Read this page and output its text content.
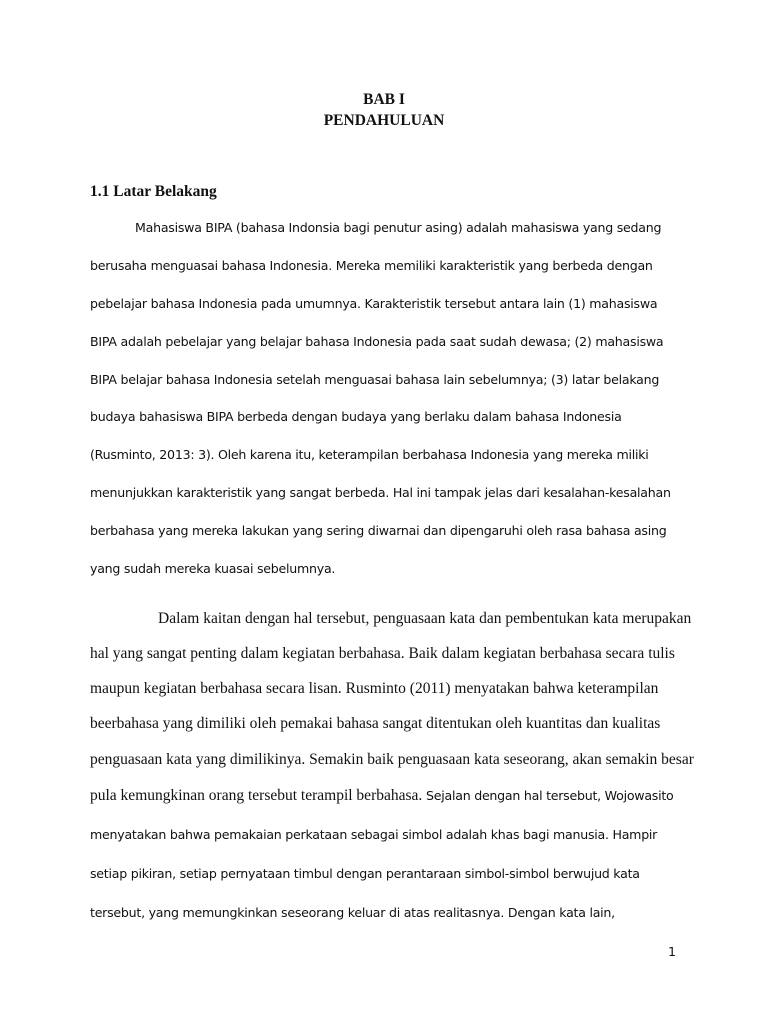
BAB I
PENDAHULUAN
1.1 Latar Belakang
Mahasiswa BIPA (bahasa Indonsia bagi penutur asing) adalah mahasiswa yang sedang
berusaha menguasai bahasa Indonesia. Mereka memiliki karakteristik yang berbeda dengan
pebelajar bahasa Indonesia pada umumnya. Karakteristik tersebut antara lain (1) mahasiswa
BIPA adalah pebelajar yang belajar bahasa Indonesia pada saat sudah dewasa; (2) mahasiswa
BIPA belajar bahasa Indonesia setelah menguasai bahasa lain sebelumnya; (3) latar belakang
budaya bahasiswa BIPA berbeda dengan budaya yang berlaku dalam bahasa Indonesia
(Rusminto, 2013: 3). Oleh karena itu, keterampilan berbahasa Indonesia yang mereka miliki
menunjukkan karakteristik yang sangat berbeda. Hal ini tampak jelas dari kesalahan-kesalahan
berbahasa yang mereka lakukan yang sering diwarnai dan dipengaruhi oleh rasa bahasa asing
yang sudah mereka kuasai sebelumnya.
Dalam kaitan dengan hal tersebut, penguasaan kata dan pembentukan kata merupakan
hal yang sangat penting dalam kegiatan berbahasa. Baik dalam kegiatan berbahasa secara tulis
maupun kegiatan berbahasa secara lisan. Rusminto (2011) menyatakan bahwa keterampilan
beerbahasa yang dimiliki oleh pemakai bahasa sangat ditentukan oleh kuantitas dan kualitas
penguasaan kata yang dimilikinya. Semakin baik penguasaan kata seseorang, akan semakin besar
pula kemungkinan orang tersebut terampil berbahasa. Sejalan dengan hal tersebut, Wojowasito
menyatakan bahwa pemakaian perkataan sebagai simbol adalah khas bagi manusia. Hampir
setiap pikiran, setiap pernyataan timbul dengan perantaraan simbol-simbol berwujud kata
tersebut, yang memungkinkan seseorang keluar di atas realitasnya. Dengan kata lain,
1
